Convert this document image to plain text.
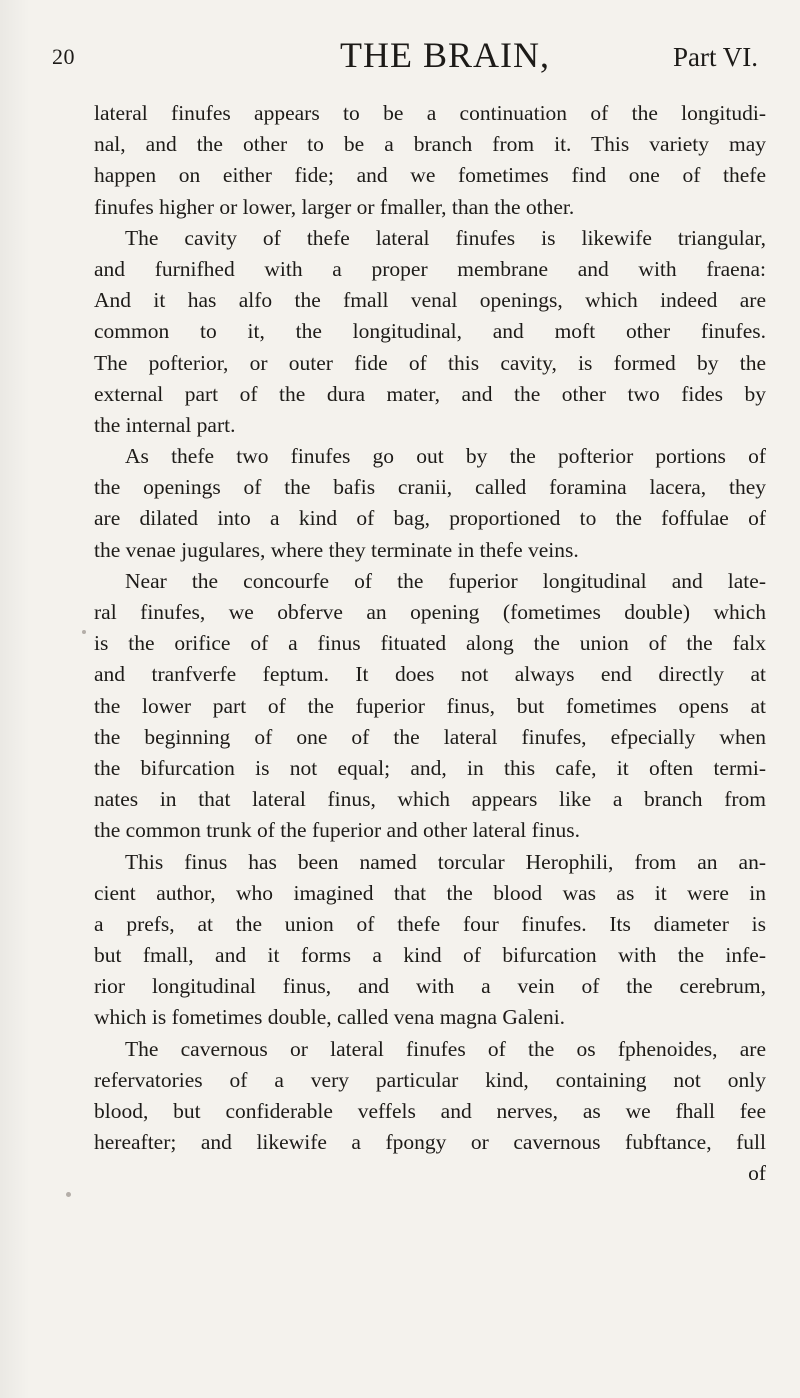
20	THE BRAIN,	Part VI.
lateral finufes appears to be a continuation of the longitudi-
nal, and the other to be a branch from it. This variety may
happen on either fide; and we fometimes find one of thefe
finufes higher or lower, larger or fmaller, than the other.
The cavity of thefe lateral finufes is likewife triangular,
and furnifhed with a proper membrane and with fraena:
And it has alfo the fmall venal openings, which indeed are
common to it, the longitudinal, and moft other finufes.
The pofterior, or outer fide of this cavity, is formed by the
external part of the dura mater, and the other two fides by
the internal part.
As thefe two finufes go out by the pofterior portions of
the openings of the bafis cranii, called foramina lacera, they
are dilated into a kind of bag, proportioned to the foffulae of
the venae jugulares, where they terminate in thefe veins.
Near the concourfe of the fuperior longitudinal and late-
ral finufes, we obferve an opening (fometimes double) which
is the orifice of a finus fituated along the union of the falx
and tranfverfe feptum. It does not always end directly at
the lower part of the fuperior finus, but fometimes opens at
the beginning of one of the lateral finufes, efpecially when
the bifurcation is not equal; and, in this cafe, it often termi-
nates in that lateral finus, which appears like a branch from
the common trunk of the fuperior and other lateral finus.
This finus has been named torcular Herophili, from an an-
cient author, who imagined that the blood was as it were in
a prefs, at the union of thefe four finufes. Its diameter is
but fmall, and it forms a kind of bifurcation with the infe-
rior longitudinal finus, and with a vein of the cerebrum,
which is fometimes double, called vena magna Galeni.
The cavernous or lateral finufes of the os fphenoides, are
refervatories of a very particular kind, containing not only
blood, but confiderable veffels and nerves, as we fhall fee
hereafter; and likewife a fpongy or cavernous fubftance, full
of
